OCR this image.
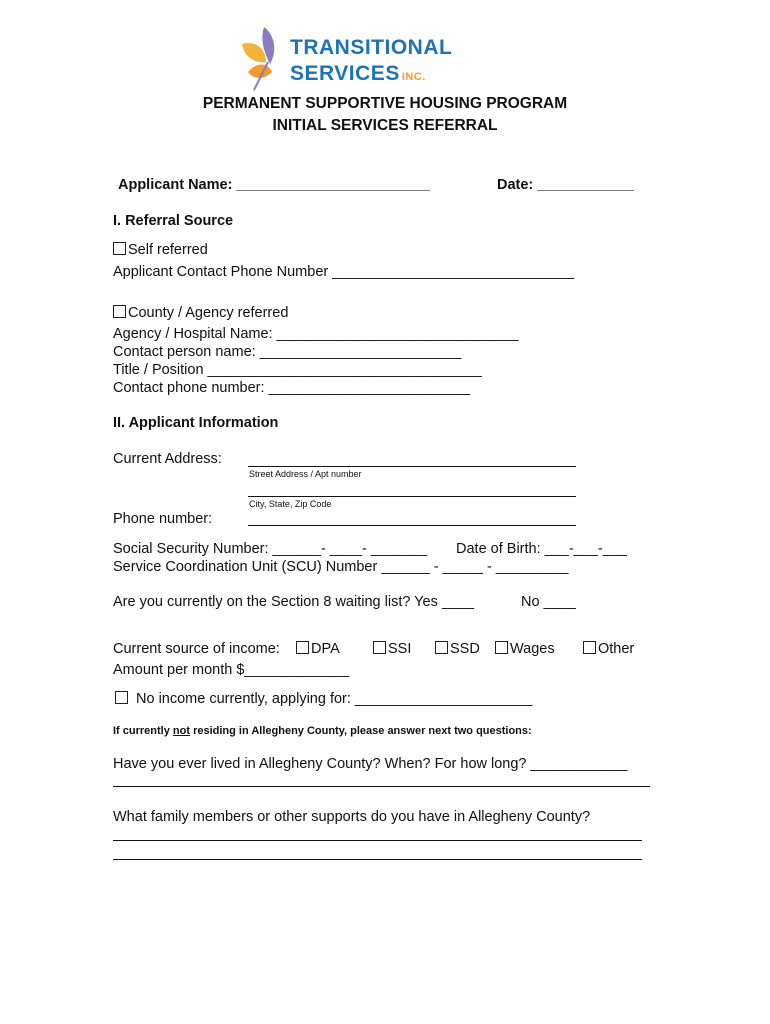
TRANSITIONAL
SERVICES INC.
PERMANENT SUPPORTIVE HOUSING PROGRAM
INITIAL SERVICES REFERRAL
Applicant Name: ________________________	Date: ____________
I. Referral Source
Self referred
Applicant Contact Phone Number ______________________________
County / Agency referred
Agency / Hospital Name: ______________________________
Contact person name: _________________________
Title / Position __________________________________
Contact phone number: _________________________
II. Applicant Information
Current Address:
Street Address / Apt number
City, State, Zip Code
Phone number:
Social Security Number: ______- ____- _______ Date of Birth: ___-___-___
Service Coordination Unit (SCU) Number ______ - _____ - _________
Are you currently on the Section 8 waiting list? Yes ____	No ____
Current source of income:	DPA	SSI	SSD	Wages	Other
Amount per month $_____________
No income currently, applying for: ______________________
If currently not residing in Allegheny County, please answer next two questions:
Have you ever lived in Allegheny County? When? For how long? ____________
What family members or other supports do you have in Allegheny County?
